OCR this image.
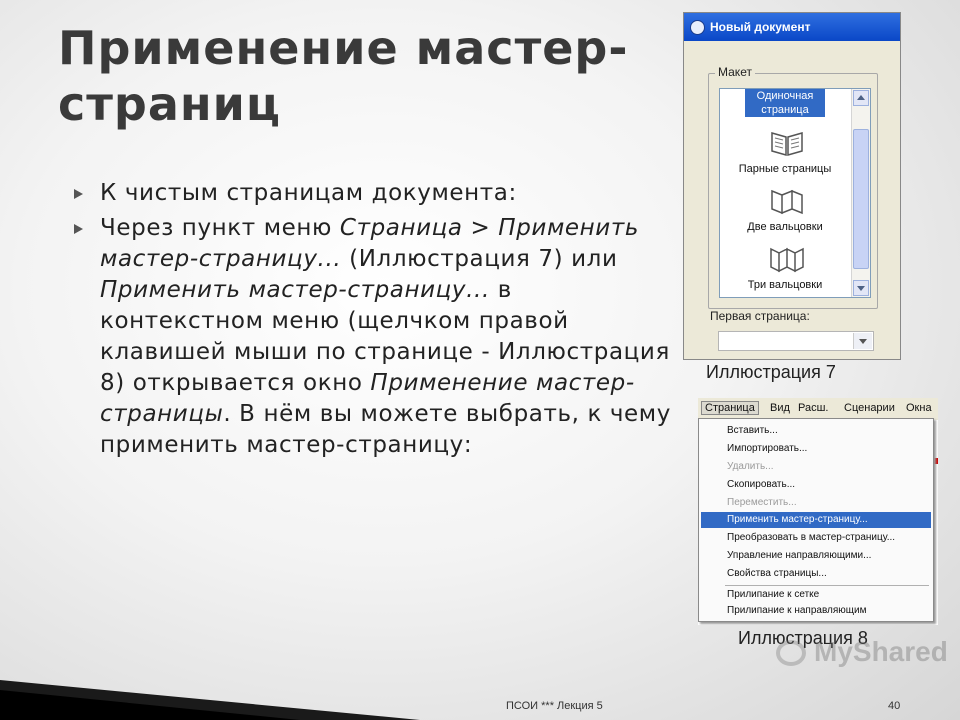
Применение мастер-страниц
К чистым страницам документа:
Через пункт меню Страница > Применить мастер-страницу... (Иллюстрация 7) или Применить мастер-страницу... в контекстном меню (щелчком правой клавишей мыши по странице - Иллюстрация 8) открывается окно Применение мастер-страницы. В нём вы можете выбрать, к чему применить мастер-страницу:
Новый документ
Макет
Одиночная страница
Парные страницы
Две вальцовки
Три вальцовки
Первая страница:
Иллюстрация 7
Страница	Вид Расш. Сценарии Окна
Вставить...
Импортировать...
Удалить...
Скопировать...
Переместить...
Применить мастер-страницу...
Преобразовать в мастер-страницу...
Управление направляющими...
Свойства страницы...
Прилипание к сетке
Прилипание к направляющим
Иллюстрация 8
MyShared
ПСОИ *** Лекция 5	40
